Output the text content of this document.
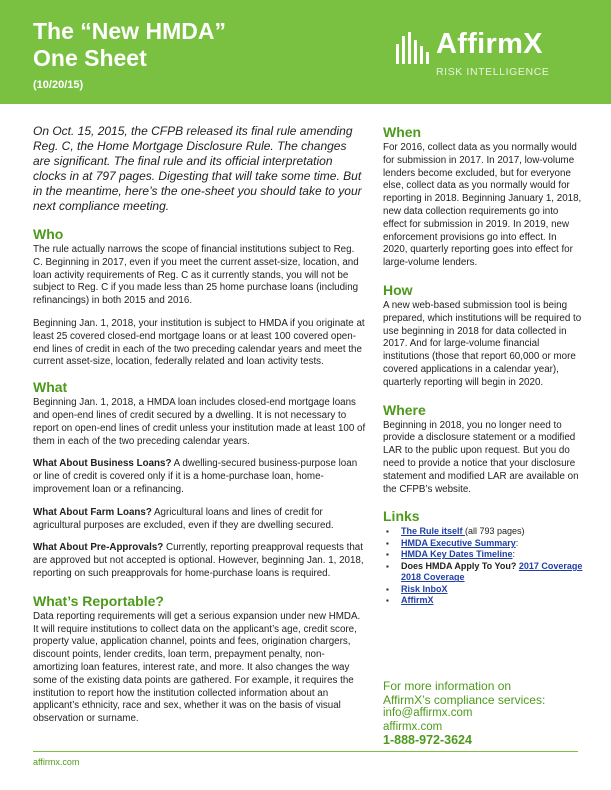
The “New HMDA”
One Sheet
(10/20/15)
AffirmX
RISK INTELLIGENCE

On Oct. 15, 2015, the CFPB released its final rule amending Reg. C, the Home Mortgage Disclosure Rule. The changes are significant. The final rule and its official interpretation clocks in at 797 pages. Digesting that will take some time. But in the meantime, here’s the one-sheet you should take to your next compliance meeting.

Who

The rule actually narrows the scope of financial institutions subject to Reg. C. Beginning in 2017, even if you meet the current asset-size, location, and loan activity requirements of Reg. C as it currently stands, you will not be subject to Reg. C if you made less than 25 home purchase loans (including refinancings) in both 2015 and 2016.

Beginning Jan. 1, 2018, your institution is subject to HMDA if you originate at least 25 covered closed-end mortgage loans or at least 100 covered open-end lines of credit in each of the two preceding calendar years and meet the current asset-size, location, federally related and loan activity tests.

What

Beginning Jan. 1, 2018, a HMDA loan includes closed-end mortgage loans and open-end lines of credit secured by a dwelling. It is not necessary to report on open-end lines of credit unless your institution made at least 100 of them in each of the two preceding calendar years.

What About Business Loans? A dwelling-secured business-purpose loan or line of credit is covered only if it is a home-purchase loan, home-improvement loan or a refinancing.

What About Farm Loans? Agricultural loans and lines of credit for agricultural purposes are excluded, even if they are dwelling secured.

What About Pre-Approvals? Currently, reporting preapproval requests that are approved but not accepted is optional. However, beginning Jan. 1, 2018, reporting on such preapprovals for home-purchase loans is required.

What’s Reportable?

Data reporting requirements will get a serious expansion under new HMDA. It will require institutions to collect data on the applicant’s age, credit score, property value, application channel, points and fees, origination chargers, discount points, lender credits, loan term, prepayment penalty, non-amortizing loan features, interest rate, and more. It also changes the way some of the existing data points are gathered. For example, it requires the institution to report how the institution collected information about an applicant’s ethnicity, race and sex, whether it was on the basis of visual observation or surname.

When

For 2016, collect data as you normally would for submission in 2017. In 2017, low-volume lenders become excluded, but for everyone else, collect data as you normally would for reporting in 2018. Beginning January 1, 2018, new data collection requirements go into effect for submission in 2019. In 2019, new enforcement provisions go into effect. In 2020, quarterly reporting goes into effect for large-volume lenders.

How

A new web-based submission tool is being prepared, which institutions will be required to use beginning in 2018 for data collected in 2017. And for large-volume financial institutions (those that report 60,000 or more covered applications in a calendar year), quarterly reporting will begin in 2020.

Where

Beginning in 2018, you no longer need to provide a disclosure statement or a modified LAR to the public upon request. But you do need to provide a notice that your disclosure statement and modified LAR are available on the CFPB’s website.

Links
▪ The Rule itself (all 793 pages)
▪ HMDA Executive Summary:
▪ HMDA Key Dates Timeline:
▪ Does HMDA Apply To You? 2017 Coverage 2018 Coverage
▪ Risk InboX
▪ AffirmX
For more information on
AffirmX’s compliance services:
info@affirmx.com
affirmx.com
1-888-972-3624
affirmx.com
